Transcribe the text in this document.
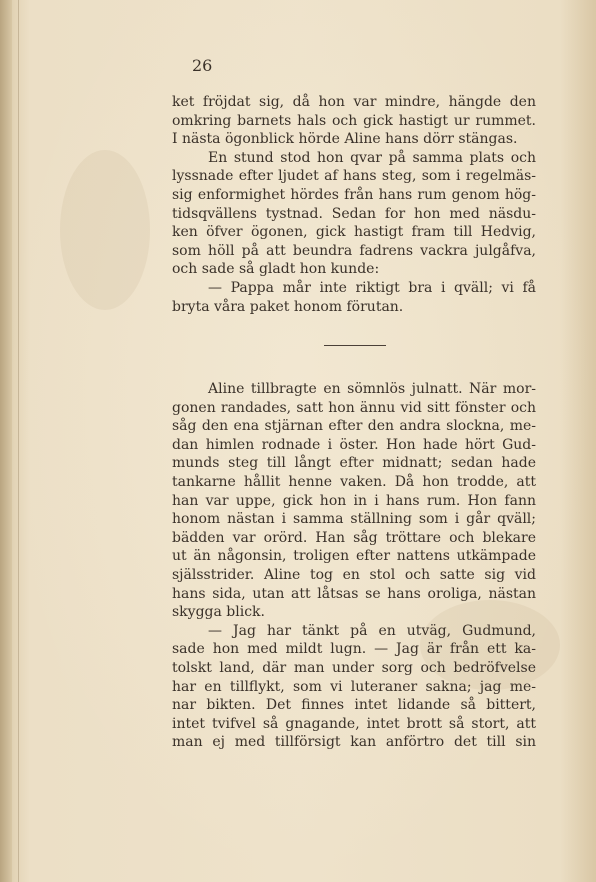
26
ket fröjdat sig, då hon var mindre, hängde den
omkring barnets hals och gick hastigt ur rummet.
I nästa ögonblick hörde Aline hans dörr stängas.
En stund stod hon qvar på samma plats och
lyssnade efter ljudet af hans steg, som i regelmäs-
sig enformighet hördes från hans rum genom hög-
tidsqvällens tystnad. Sedan for hon med näsdu-
ken öfver ögonen, gick hastigt fram till Hedvig,
som höll på att beundra fadrens vackra julgåfva,
och sade så gladt hon kunde:
— Pappa mår inte riktigt bra i qväll; vi få
bryta våra paket honom förutan.
Aline tillbragte en sömnlös julnatt. När mor-
gonen randades, satt hon ännu vid sitt fönster och
såg den ena stjärnan efter den andra slockna, me-
dan himlen rodnade i öster. Hon hade hört Gud-
munds steg till långt efter midnatt; sedan hade
tankarne hållit henne vaken. Då hon trodde, att
han var uppe, gick hon in i hans rum. Hon fann
honom nästan i samma ställning som i går qväll;
bädden var orörd. Han såg tröttare och blekare
ut än någonsin, troligen efter nattens utkämpade
själsstrider. Aline tog en stol och satte sig vid
hans sida, utan att låtsas se hans oroliga, nästan
skygga blick.
— Jag har tänkt på en utväg, Gudmund,
sade hon med mildt lugn. — Jag är från ett ka-
tolskt land, där man under sorg och bedröfvelse
har en tillflykt, som vi luteraner sakna; jag me-
nar bikten. Det finnes intet lidande så bittert,
intet tvifvel så gnagande, intet brott så stort, att
man ej med tillförsigt kan anförtro det till sin
